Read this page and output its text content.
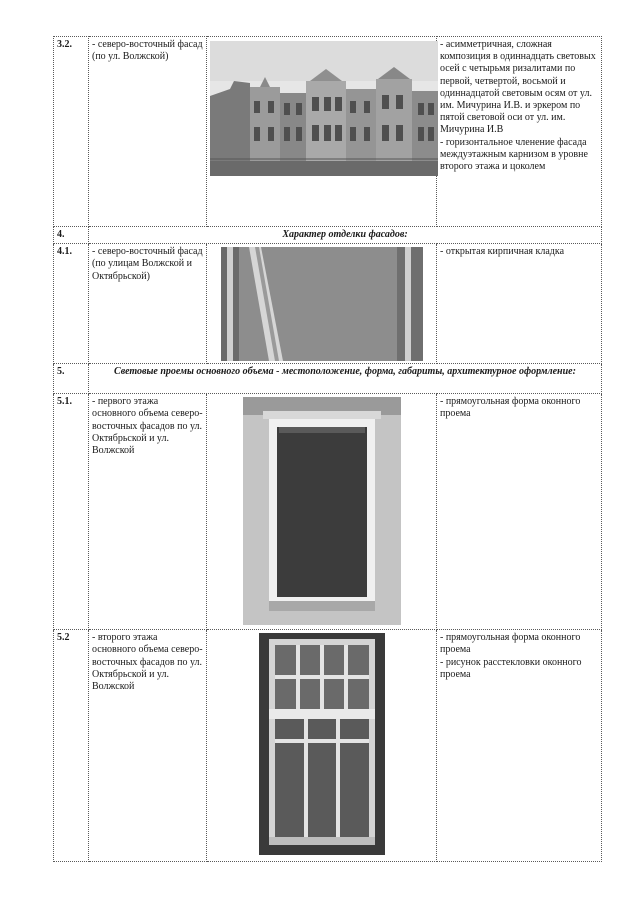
3.2.	- северо-восточный фасад (по ул. Волжской)		- асимметричная, сложная композиция в одиннадцать световых осей с четырьмя ризалитами по первой, четвертой, восьмой и одиннадцатой световым осям от ул. им. Мичурина И.В. и эркером по пятой световой оси от ул. им. Мичурина И.В

- горизонтальное членение фасада междуэтажным карнизом в уровне второго этажа и цоколем

4.	Характер отделки фасадов:		
4.1.	- северо-восточный фасад (по улицам Волжской и Октябрьской)		- открытая кирпичная кладка

5.	Световые проемы основного объема - местоположение, форма, габариты, архитектурное оформление:		
5.1.	- первого этажа основного объема северо-восточных фасадов по ул. Октябрьской и ул. Волжской		- прямоугольная форма оконного проема

5.2	- второго этажа основного объема северо-восточных фасадов по ул. Октябрьской и ул. Волжской		- прямоугольная форма оконного проема

- рисунок расстекловки оконного проема
